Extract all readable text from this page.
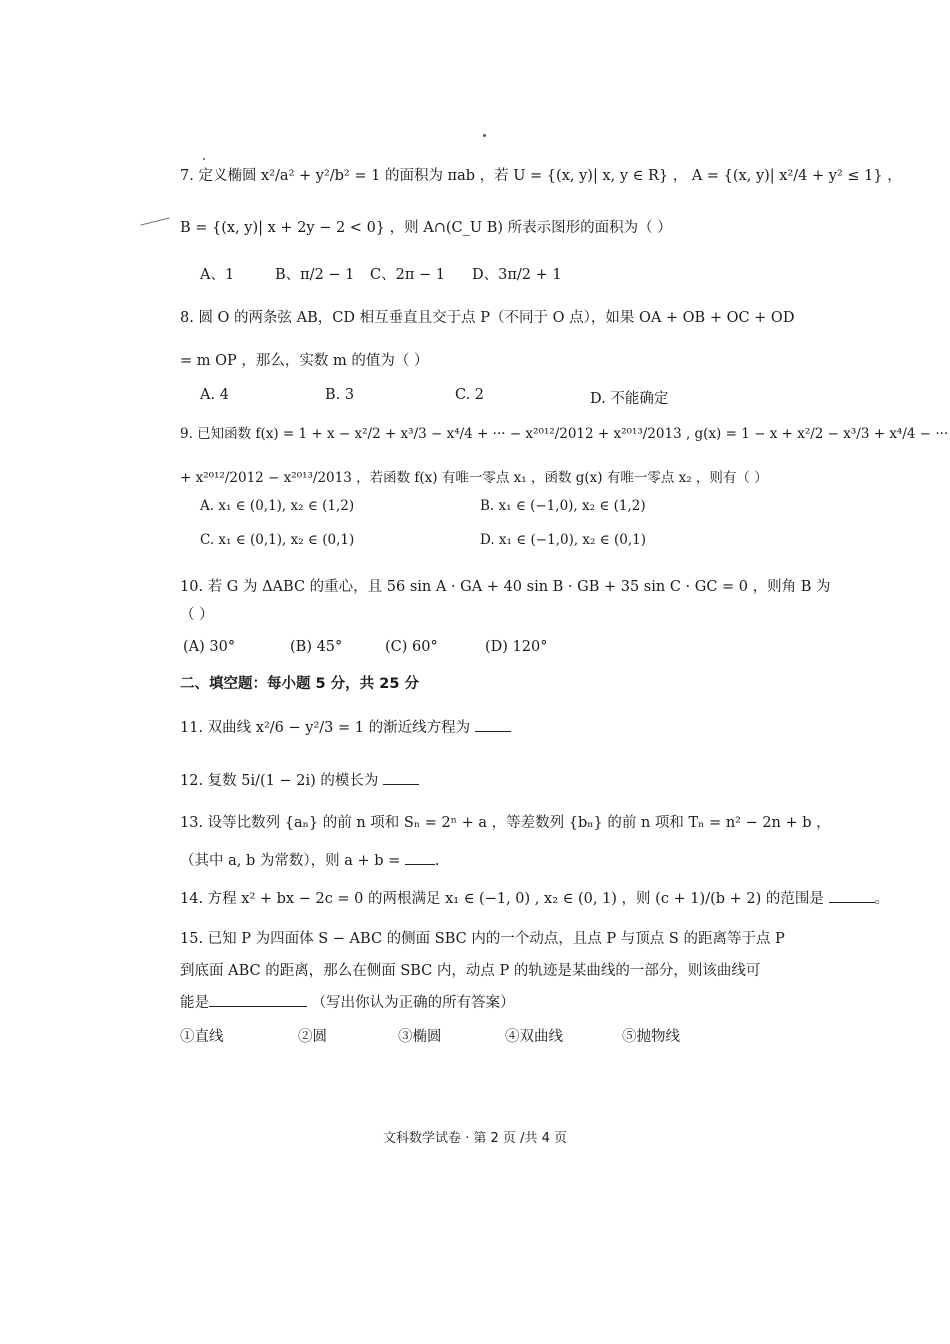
7. 定义椭圆 x²/a² + y²/b² = 1 的面积为 πab ，若 U = {(x, y)| x, y ∈ R} ， A = {(x, y)| x²/4 + y² ≤ 1} ，
B = {(x, y)| x + 2y − 2 < 0} ，则 A∩(C_U B) 所表示图形的面积为（ ）
A、1	B、π/2 − 1 C、2π − 1 D、3π/2 + 1
8. 圆 O 的两条弦 AB，CD 相互垂直且交于点 P（不同于 O 点），如果 OA + OB + OC + OD
= m OP ，那么，实数 m 的值为（ ）
A. 4	B. 3	C. 2	D. 不能确定
9. 已知函数 f(x) = 1 + x − x²/2 + x³/3 − x⁴/4 + ··· − x²⁰¹²/2012 + x²⁰¹³/2013 , g(x) = 1 − x + x²/2 − x³/3 + x⁴/4 − ···
+ x²⁰¹²/2012 − x²⁰¹³/2013 ，若函数 f(x) 有唯一零点 x₁ ，函数 g(x) 有唯一零点 x₂ ，则有（ ）
A. x₁ ∈ (0,1), x₂ ∈ (1,2)	B. x₁ ∈ (−1,0), x₂ ∈ (1,2)
C. x₁ ∈ (0,1), x₂ ∈ (0,1)	D. x₁ ∈ (−1,0), x₂ ∈ (0,1)
10. 若 G 为 ΔABC 的重心，且 56 sin A · GA + 40 sin B · GB + 35 sin C · GC = 0 ，则角 B 为
（ ）
(A) 30°	(B) 45°	(C) 60°	(D) 120°
二、填空题：每小题 5 分，共 25 分
11. 双曲线 x²/6 − y²/3 = 1 的渐近线方程为
12. 复数 5i/(1 − 2i) 的模长为
13. 设等比数列 {aₙ} 的前 n 项和 Sₙ = 2ⁿ + a ，等差数列 {bₙ} 的前 n 项和 Tₙ = n² − 2n + b ，
（其中 a, b 为常数），则 a + b = .
14. 方程 x² + bx − 2c = 0 的两根满足 x₁ ∈ (−1, 0) , x₂ ∈ (0, 1) ，则 (c + 1)/(b + 2) 的范围是	。
15. 已知 P 为四面体 S − ABC 的侧面 SBC 内的一个动点，且点 P 与顶点 S 的距离等于点 P
到底面 ABC 的距离，那么在侧面 SBC 内，动点 P 的轨迹是某曲线的一部分，则该曲线可
能是	（写出你认为正确的所有答案）
①直线	②圆	③椭圆	④双曲线	⑤抛物线
文科数学试卷 · 第 2 页 /共 4 页
